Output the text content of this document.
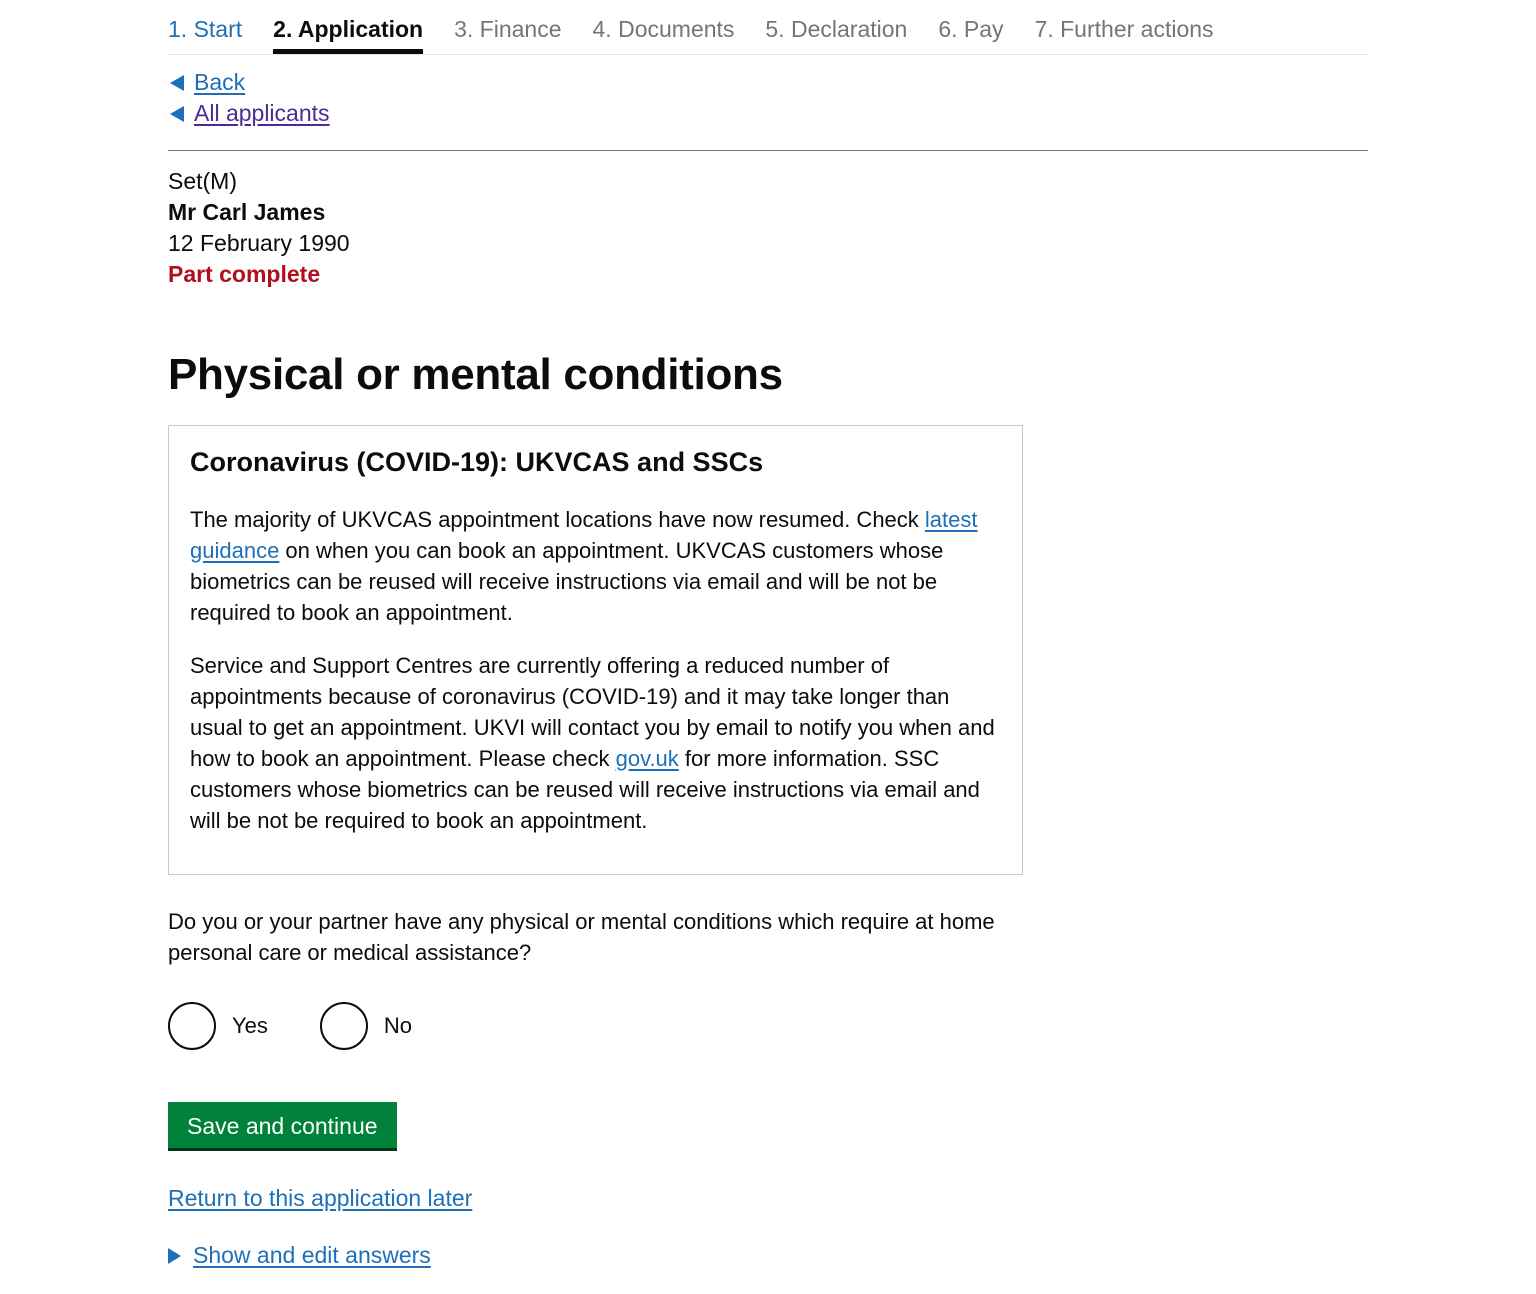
1. Start 2. Application 3. Finance 4. Documents 5. Declaration 6. Pay 7. Further actions
Back
All applicants
Set(M)
Mr Carl James
12 February 1990
Part complete
Physical or mental conditions
Coronavirus (COVID-19): UKVCAS and SSCs

The majority of UKVCAS appointment locations have now resumed. Check latest guidance on when you can book an appointment. UKVCAS customers whose biometrics can be reused will receive instructions via email and will be not be required to book an appointment.

Service and Support Centres are currently offering a reduced number of appointments because of coronavirus (COVID-19) and it may take longer than usual to get an appointment. UKVI will contact you by email to notify you when and how to book an appointment. Please check gov.uk for more information. SSC customers whose biometrics can be reused will receive instructions via email and will be not be required to book an appointment.

Do you or your partner have any physical or mental conditions which require at home personal care or medical assistance?
Yes	No
Save and continue
Return to this application later
Show and edit answers
